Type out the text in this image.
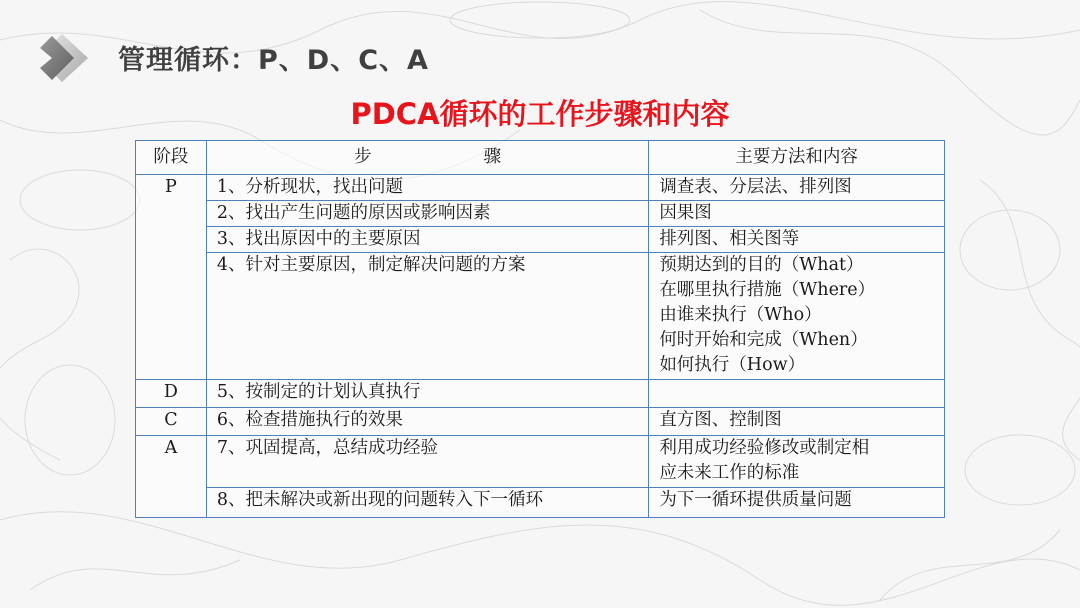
管理循环：P、D、C、A
PDCA循环的工作步骤和内容
阶段	步 骤	主要方法和内容
P	1、分析现状，找出问题	调查表、分层法、排列图
	2、找出产生问题的原因或影响因素	因果图
	3、找出原因中的主要原因	排列图、相关图等
	4、针对主要原因，制定解决问题的方案	预期达到的目的（What）
在哪里执行措施（Where）
由谁来执行（Who）
何时开始和完成（When）
如何执行（How）

D	5、按制定的计划认真执行	
C	6、检查措施执行的效果	直方图、控制图
A	7、巩固提高，总结成功经验	利用成功经验修改或制定相
应未来工作的标准

	8、把未解决或新出现的问题转入下一循环	为下一循环提供质量问题
